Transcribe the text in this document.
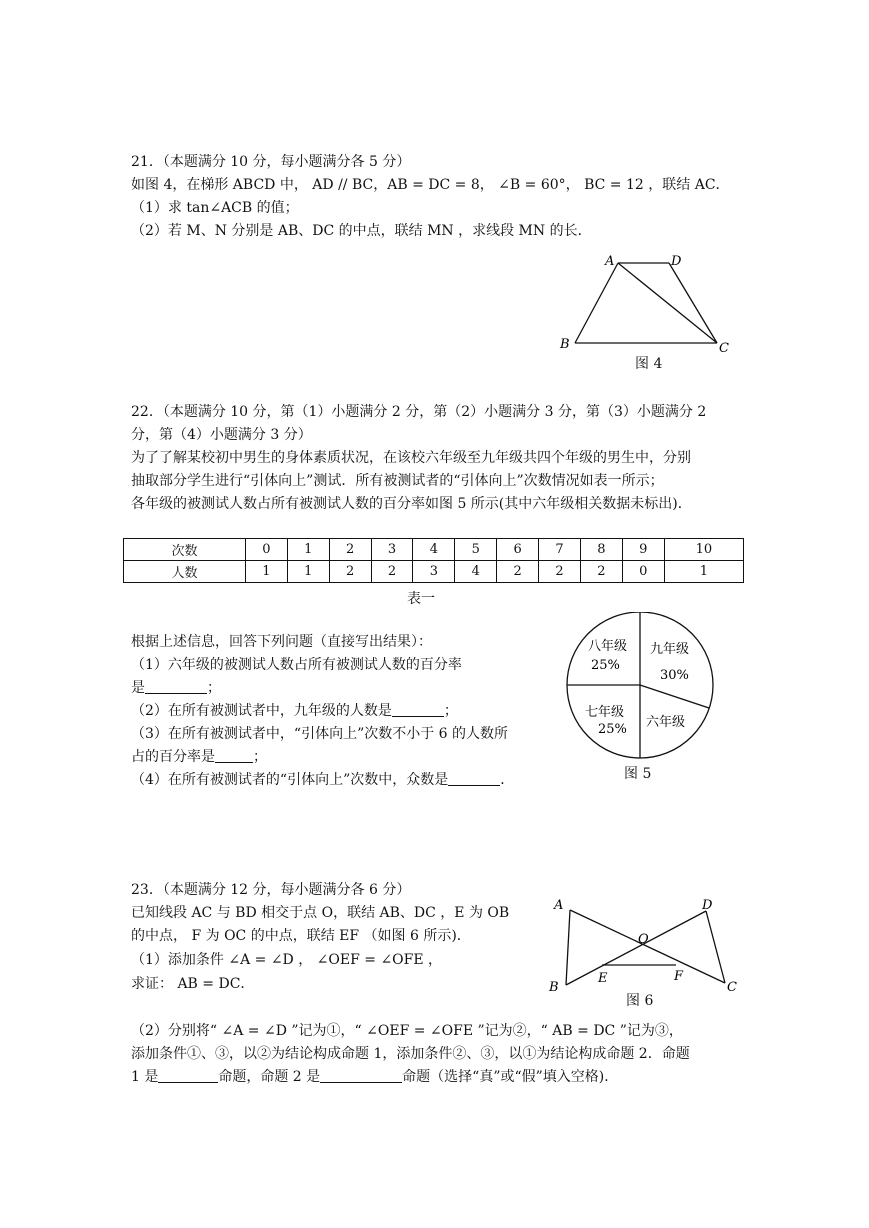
21．（本题满分 10 分，每小题满分各 5 分）
如图 4，在梯形 ABCD 中， AD // BC，AB = DC = 8， ∠B = 60°， BC = 12 ，联结 AC．
（1）求 tan∠ACB 的值；
（2）若 M、N 分别是 AB、DC 的中点，联结 MN ，求线段 MN 的长．
A	D
B	C
图 4
22．（本题满分 10 分，第（1）小题满分 2 分，第（2）小题满分 3 分，第（3）小题满分 2
分，第（4）小题满分 3 分）
为了了解某校初中男生的身体素质状况，在该校六年级至九年级共四个年级的男生中，分别
抽取部分学生进行“引体向上”测试．所有被测试者的“引体向上”次数情况如表一所示；
各年级的被测试人数占所有被测试人数的百分率如图 5 所示(其中六年级相关数据未标出)．
次数	0	1	2	3	4	5	6	7	8	9	10
人数	1	1	2	2	3	4	2	2	2	0	1
表一
根据上述信息，回答下列问题（直接写出结果）：
（1）六年级的被测试人数占所有被测试人数的百分率
是	；
（2）在所有被测试者中，九年级的人数是	；
（3）在所有被测试者中，“引体向上”次数不小于 6 的人数所
占的百分率是	；
（4）在所有被测试者的“引体向上”次数中，众数是	．
八年级
25%
九年级
30%
七年级
25% 六年级
图 5
23．（本题满分 12 分，每小题满分各 6 分）
已知线段 AC 与 BD 相交于点 O，联结 AB、DC ，E 为 OB
的中点， F 为 OC 的中点，联结 EF （如图 6 所示)．
（1）添加条件 ∠A = ∠D ， ∠OEF = ∠OFE ，
求证： AB = DC．
A	D
O
E	F
B	C
图 6
（2）分别将“ ∠A = ∠D ”记为①，“ ∠OEF = ∠OFE ”记为②，“ AB = DC ”记为③，
添加条件①、③，以②为结论构成命题 1，添加条件②、③，以①为结论构成命题 2．命题
1 是	命题，命题 2 是	命题（选择“真”或“假”填入空格)．
